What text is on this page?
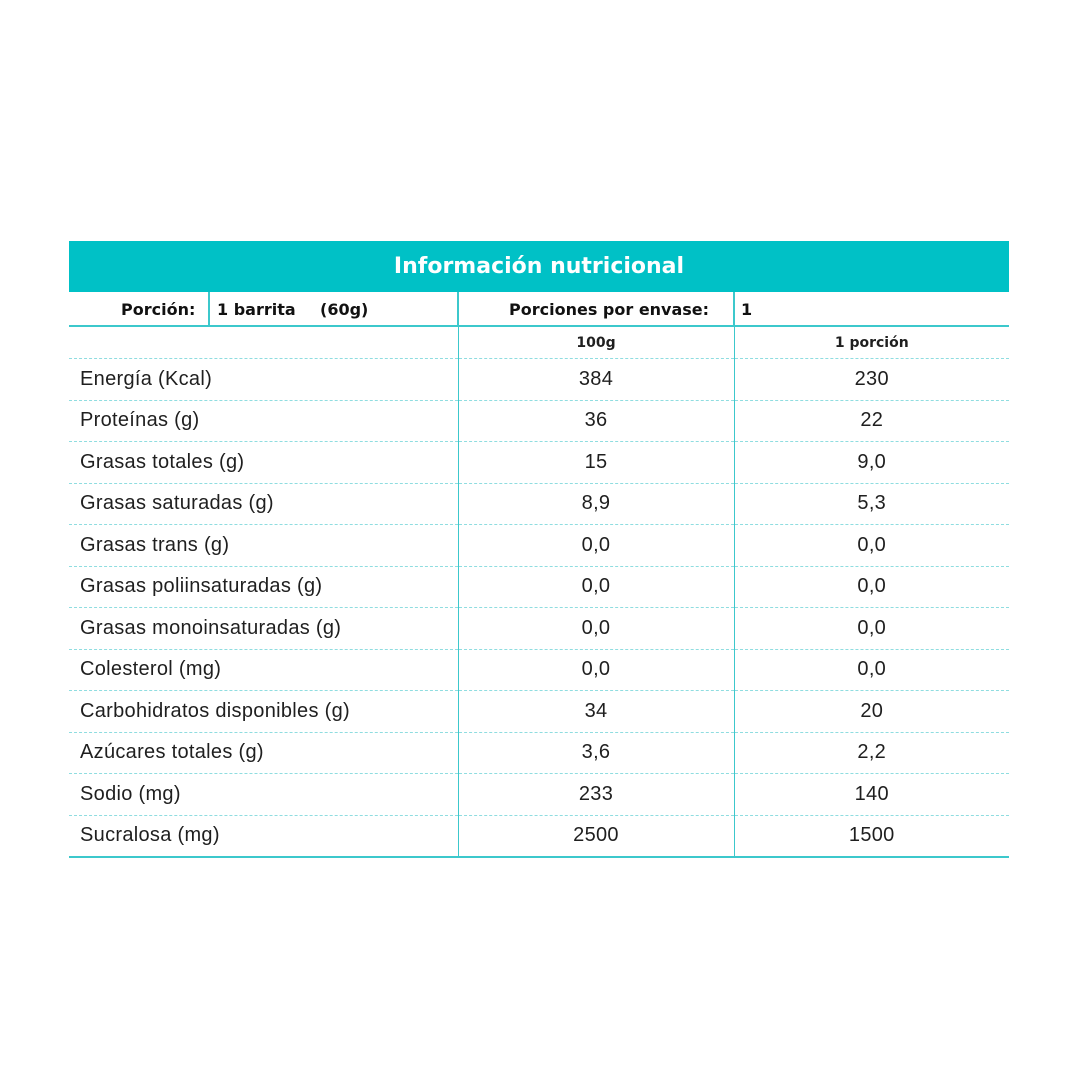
Información nutricional
Porción: 1 barrita (60g)	Porciones por envase: 1
	100g	1 porción
Energía (Kcal)	384	230
Proteínas (g)	36	22
Grasas totales (g)	15	9,0
Grasas saturadas (g)	8,9	5,3
Grasas trans (g)	0,0	0,0
Grasas poliinsaturadas (g)	0,0	0,0
Grasas monoinsaturadas (g)	0,0	0,0
Colesterol (mg)	0,0	0,0
Carbohidratos disponibles (g)	34	20
Azúcares totales (g)	3,6	2,2
Sodio (mg)	233	140
Sucralosa (mg)	2500	1500
